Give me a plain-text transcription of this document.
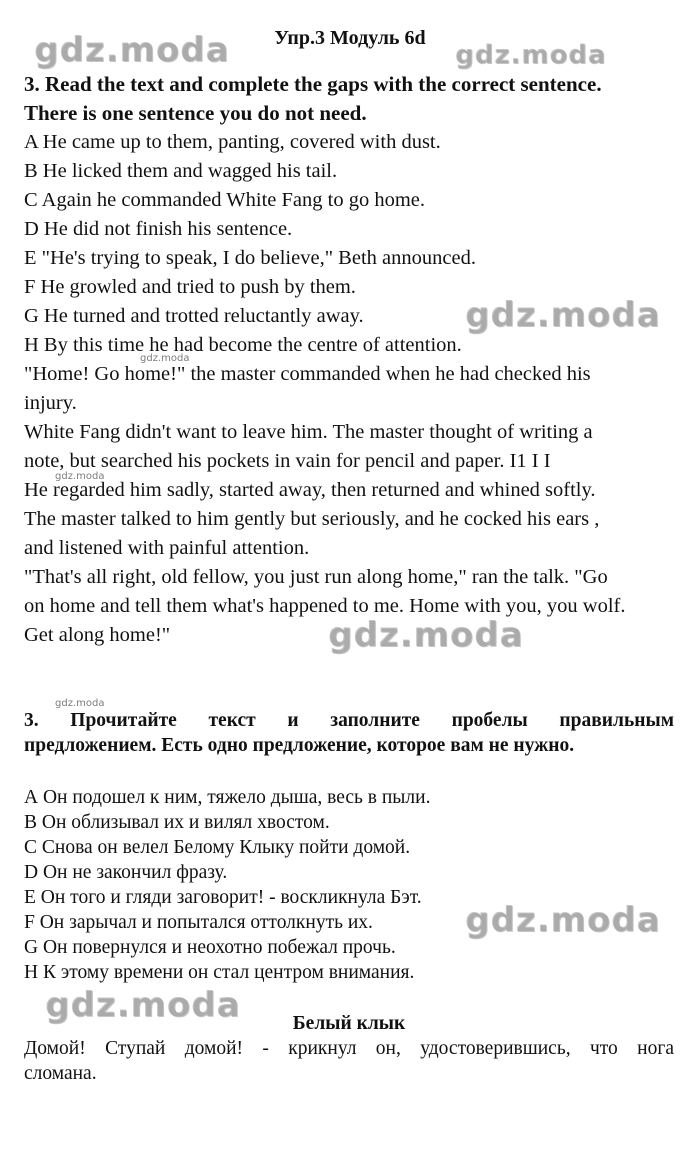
Упр.3 Модуль 6d

3. Read the text and complete the gaps with the correct sentence.

There is one sentence you do not need.

A He came up to them, panting, covered with dust.

B He licked them and wagged his tail.

C Again he commanded White Fang to go home.

D He did not finish his sentence.

E "He's trying to speak, I do believe," Beth announced.

F He growled and tried to push by them.

G He turned and trotted reluctantly away.

H By this time he had become the centre of attention.

"Home! Go home!" the master commanded when he had checked his

injury.

White Fang didn't want to leave him. The master thought of writing a

note, but searched his pockets in vain for pencil and paper. I1 I I

He regarded him sadly, started away, then returned and whined softly.

The master talked to him gently but seriously, and he cocked his ears ,

and listened with painful attention.

"That's all right, old fellow, you just run along home," ran the talk. "Go

on home and tell them what's happened to me. Home with you, you wolf.

Get along home!"

3. Прочитайте текст и заполните пробелы правильным

предложением. Есть одно предложение, которое вам не нужно.

А Он подошел к ним, тяжело дыша, весь в пыли.

В Он облизывал их и вилял хвостом.

С Снова он велел Белому Клыку пойти домой.

D Он не закончил фразу.

Е Он того и гляди заговорит! - воскликнула Бэт.

F Он зарычал и попытался оттолкнуть их.

G Он повернулся и неохотно побежал прочь.

Н К этому времени он стал центром внимания.

Белый клык

Домой! Ступай домой! - крикнул он, удостоверившись, что нога

сломана.

gdz.moda	gdz.moda
gdz.moda
gdz.moda
gdz.moda
gdz.moda
gdz.moda
gdz.moda
gdz.moda
